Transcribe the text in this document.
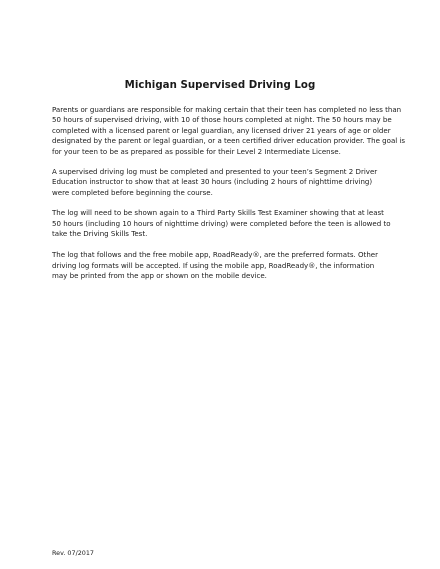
Michigan Supervised Driving Log

Parents or guardians are responsible for making certain that their teen has completed no less than
50 hours of supervised driving, with 10 of those hours completed at night. The 50 hours may be
completed with a licensed parent or legal guardian, any licensed driver 21 years of age or older
designated by the parent or legal guardian, or a teen certified driver education provider. The goal is
for your teen to be as prepared as possible for their Level 2 Intermediate License.

A supervised driving log must be completed and presented to your teen’s Segment 2 Driver
Education instructor to show that at least 30 hours (including 2 hours of nighttime driving)
were completed before beginning the course.

The log will need to be shown again to a Third Party Skills Test Examiner showing that at least
50 hours (including 10 hours of nighttime driving) were completed before the teen is allowed to
take the Driving Skills Test.

The log that follows and the free mobile app, RoadReady®, are the preferred formats. Other
driving log formats will be accepted. If using the mobile app, RoadReady®, the information
may be printed from the app or shown on the mobile device.

Rev. 07/2017
